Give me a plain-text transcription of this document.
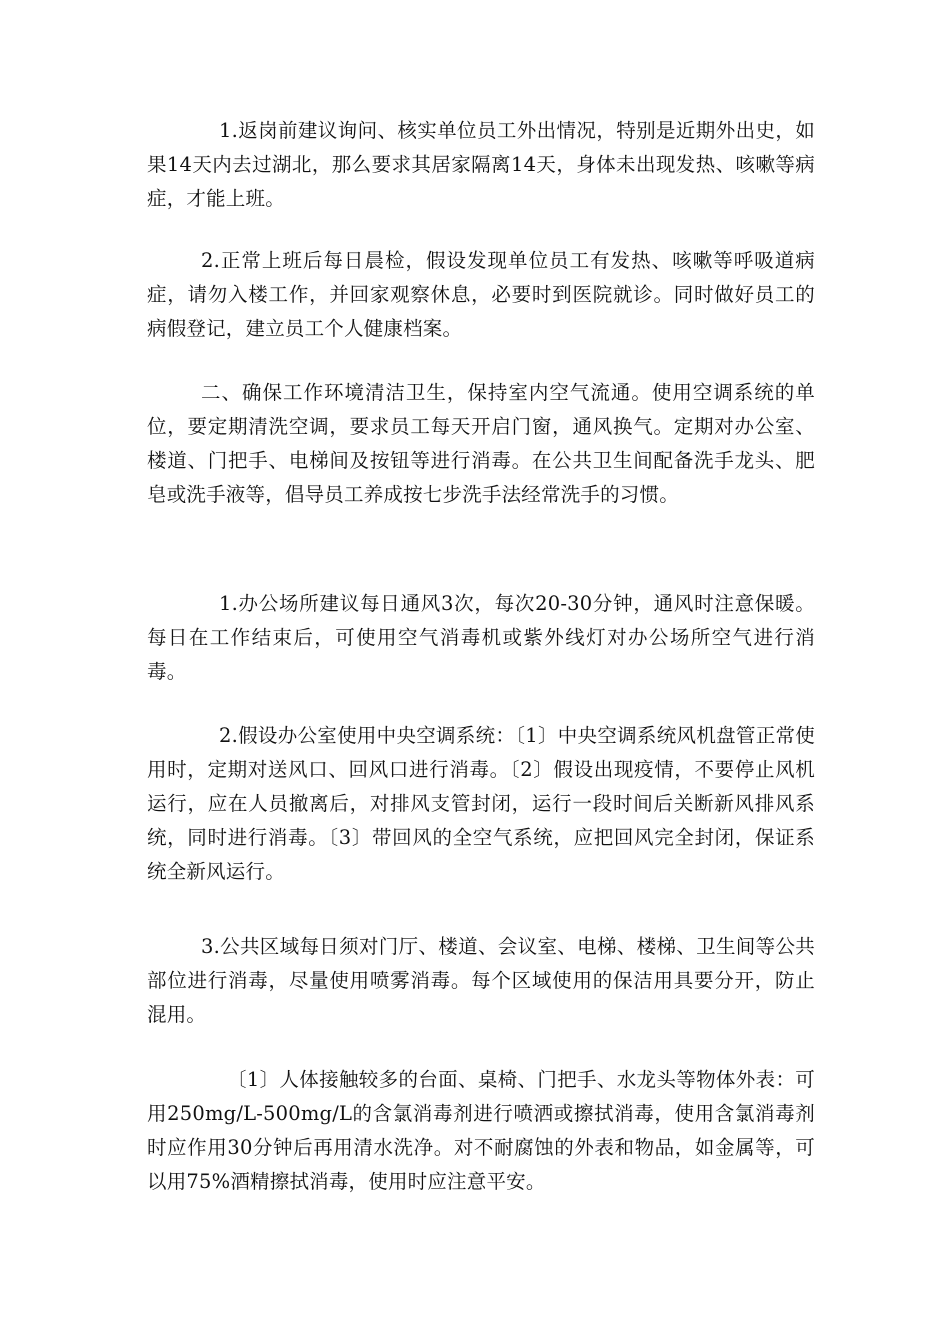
1.返岗前建议询问、核实单位员工外出情况，特别是近期外出史，如果14天内去过湖北，那么要求其居家隔离14天，身体未出现发热、咳嗽等病症，才能上班。

2.正常上班后每日晨检，假设发现单位员工有发热、咳嗽等呼吸道病症，请勿入楼工作，并回家观察休息，必要时到医院就诊。同时做好员工的病假登记，建立员工个人健康档案。

二、确保工作环境清洁卫生，保持室内空气流通。使用空调系统的单位，要定期清洗空调，要求员工每天开启门窗，通风换气。定期对办公室、楼道、门把手、电梯间及按钮等进行消毒。在公共卫生间配备洗手龙头、肥皂或洗手液等，倡导员工养成按七步洗手法经常洗手的习惯。

1.办公场所建议每日通风3次，每次20-30分钟，通风时注意保暖。每日在工作结束后，可使用空气消毒机或紫外线灯对办公场所空气进行消毒。

2.假设办公室使用中央空调系统：〔1〕中央空调系统风机盘管正常使用时，定期对送风口、回风口进行消毒。〔2〕假设出现疫情，不要停止风机运行，应在人员撤离后，对排风支管封闭，运行一段时间后关断新风排风系统，同时进行消毒。〔3〕带回风的全空气系统，应把回风完全封闭，保证系统全新风运行。

3.公共区域每日须对门厅、楼道、会议室、电梯、楼梯、卫生间等公共部位进行消毒，尽量使用喷雾消毒。每个区域使用的保洁用具要分开，防止混用。

〔1〕人体接触较多的台面、桌椅、门把手、水龙头等物体外表：可用250mg/L-500mg/L的含氯消毒剂进行喷洒或擦拭消毒，使用含氯消毒剂时应作用30分钟后再用清水洗净。对不耐腐蚀的外表和物品，如金属等，可以用75%酒精擦拭消毒，使用时应注意平安。
